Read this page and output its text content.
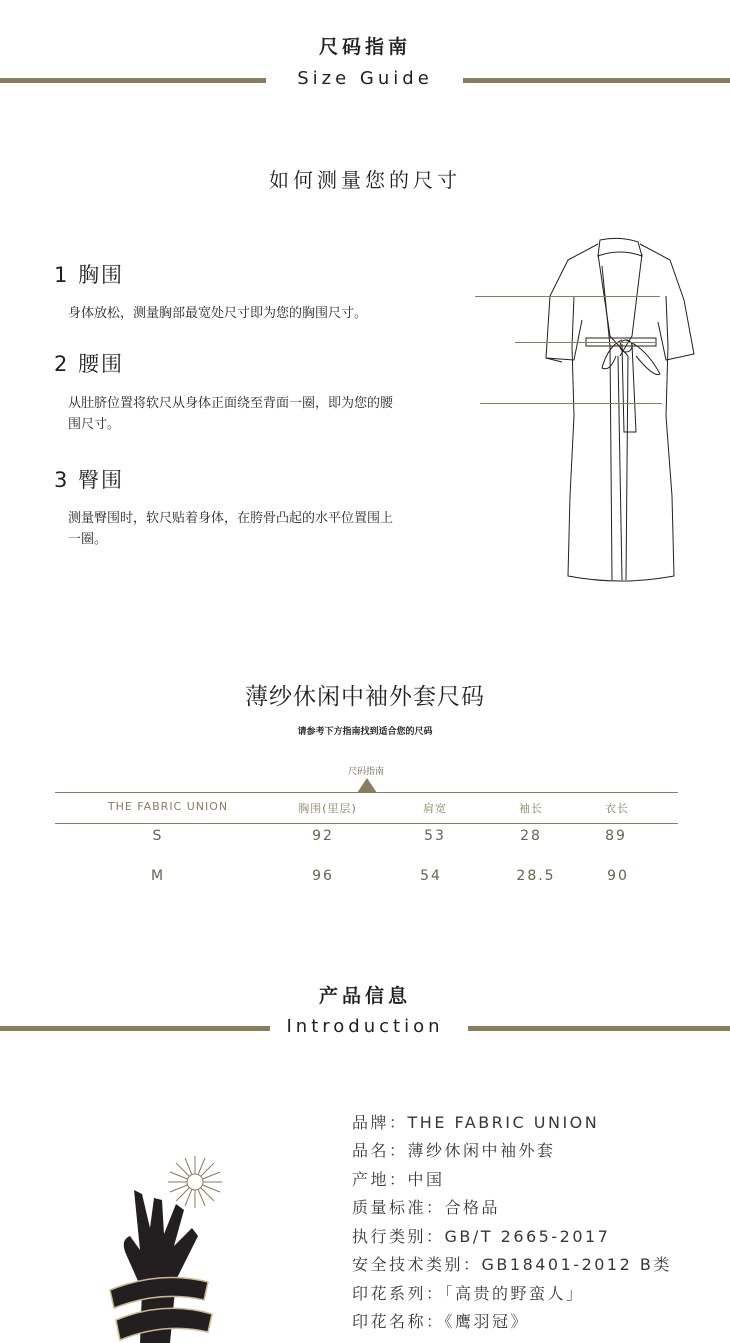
尺码指南
Size Guide
如何测量您的尺寸
1 胸围
身体放松，测量胸部最宽处尺寸即为您的胸围尺寸。
2 腰围
从肚脐位置将软尺从身体正面绕至背面一圈，即为您的腰围尺寸。
3 臀围
测量臀围时，软尺贴着身体，在胯骨凸起的水平位置围上一圈。
薄纱休闲中袖外套尺码
请参考下方指南找到适合您的尺码
尺码指南
THE FABRIC UNION	胸围(里层)	肩宽	袖长	衣长
S	92	53	28	89
M	96	54	28.5	90
产品信息
Introduction
品牌：THE FABRIC UNION
品名：薄纱休闲中袖外套
产地：中国
质量标准：合格品
执行类别：GB/T 2665-2017
安全技术类别：GB18401-2012 B类
印花系列：「高贵的野蛮人」
印花名称：《鹰羽冠》
